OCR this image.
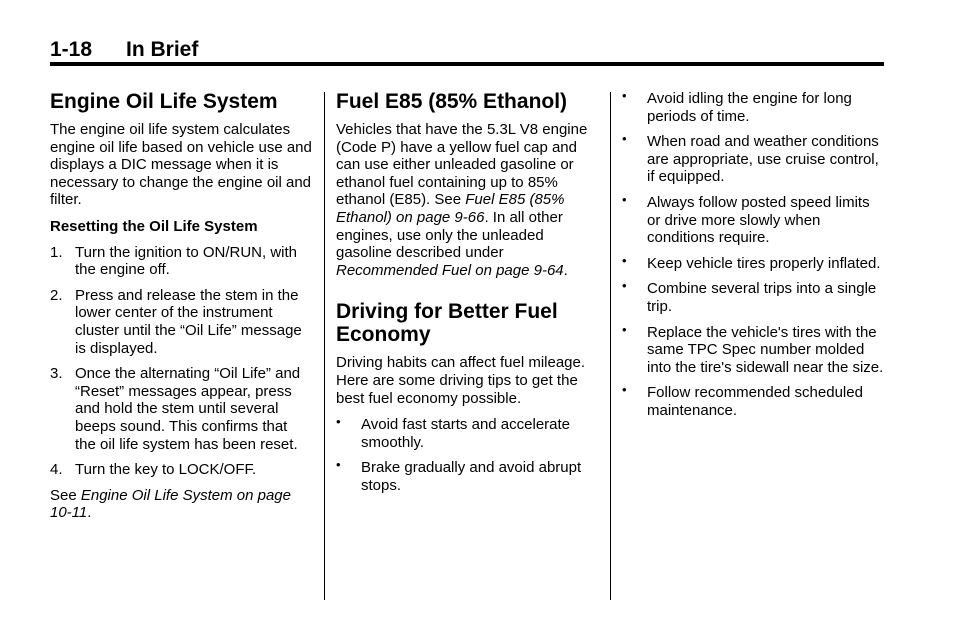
1-18 In Brief
Engine Oil Life System

The engine oil life system calculates engine oil life based on vehicle use and displays a DIC message when it is necessary to change the engine oil and filter.

Resetting the Oil Life System
1. Turn the ignition to ON/RUN, with the engine off.
2. Press and release the stem in the lower center of the instrument cluster until the “Oil Life” message is displayed.
3. Once the alternating “Oil Life” and “Reset” messages appear, press and hold the stem until several beeps sound. This confirms that the oil life system has been reset.
4. Turn the key to LOCK/OFF.

See Engine Oil Life System on page 10-11.

Fuel E85 (85% Ethanol)

Vehicles that have the 5.3L V8 engine (Code P) have a yellow fuel cap and can use either unleaded gasoline or ethanol fuel containing up to 85% ethanol (E85). See Fuel E85 (85% Ethanol) on page 9-66. In all other engines, use only the unleaded gasoline described under Recommended Fuel on page 9-64.

Driving for Better Fuel Economy

Driving habits can affect fuel mileage. Here are some driving tips to get the best fuel economy possible.

• Avoid fast starts and accelerate smoothly.
• Brake gradually and avoid abrupt stops.
• Avoid idling the engine for long periods of time.
• When road and weather conditions are appropriate, use cruise control, if equipped.
• Always follow posted speed limits or drive more slowly when conditions require.
• Keep vehicle tires properly inflated.
• Combine several trips into a single trip.
• Replace the vehicle's tires with the same TPC Spec number molded into the tire's sidewall near the size.
• Follow recommended scheduled maintenance.
